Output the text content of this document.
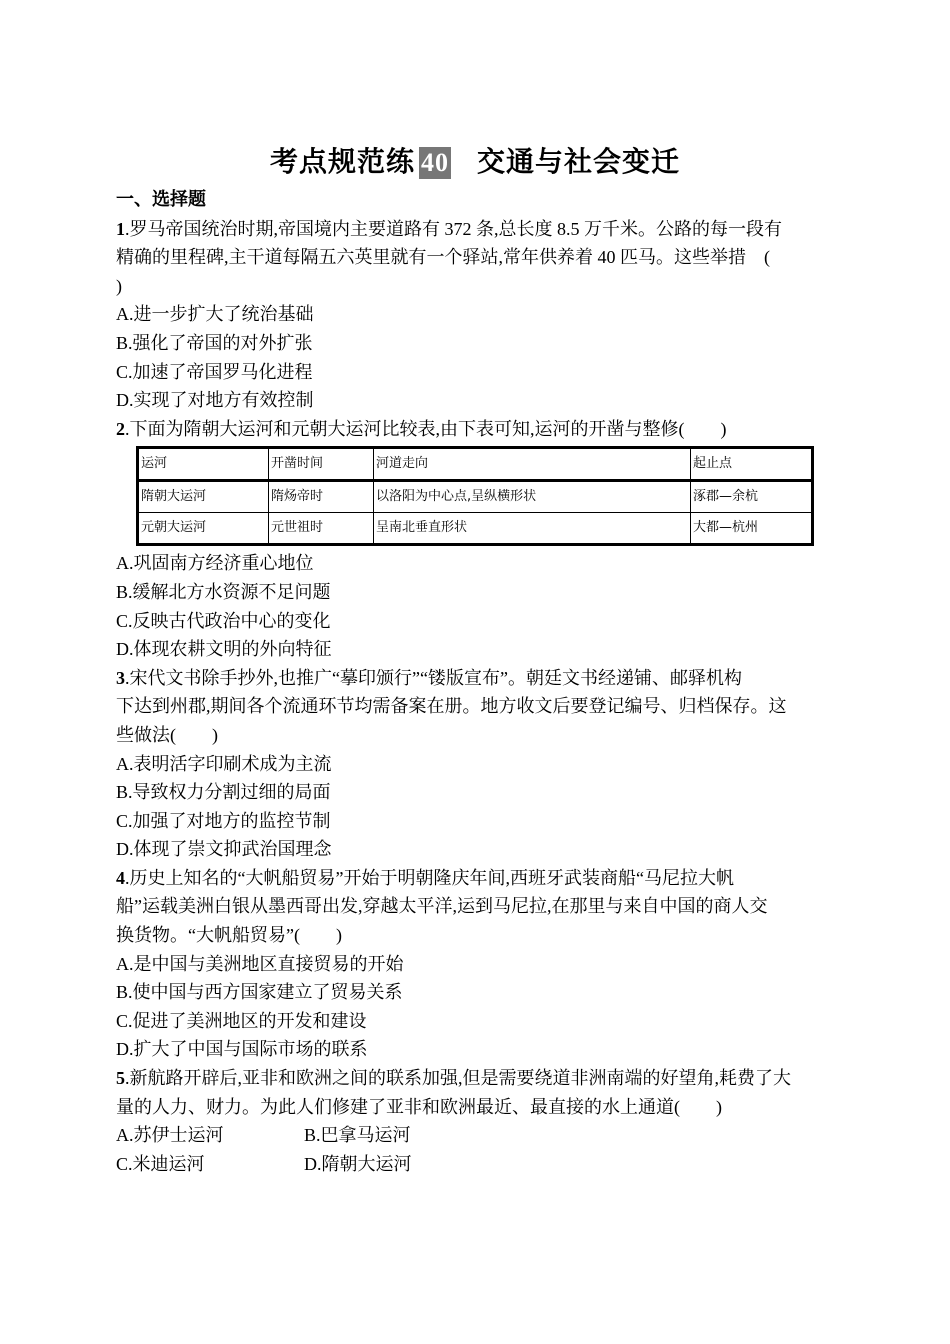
考点规范练 40 交通与社会变迁
一、选择题
1.罗马帝国统治时期,帝国境内主要道路有 372 条,总长度 8.5 万千米。公路的每一段有
精确的里程碑,主干道每隔五六英里就有一个驿站,常年供养着 40 匹马。这些举措　(
)
A.进一步扩大了统治基础
B.强化了帝国的对外扩张
C.加速了帝国罗马化进程
D.实现了对地方有效控制
2.下面为隋朝大运河和元朝大运河比较表,由下表可知,运河的开凿与整修(　　)
运河	开凿时间	河道走向	起止点
隋朝大运河	隋炀帝时	以洛阳为中心点,呈纵横形状	涿郡—余杭
元朝大运河	元世祖时	呈南北垂直形状	大都—杭州
A.巩固南方经济重心地位
B.缓解北方水资源不足问题
C.反映古代政治中心的变化
D.体现农耕文明的外向特征
3.宋代文书除手抄外,也推广“摹印颁行”“镂版宣布”。朝廷文书经递铺、邮驿机构
下达到州郡,期间各个流通环节均需备案在册。地方收文后要登记编号、归档保存。这
些做法(　　)
A.表明活字印刷术成为主流
B.导致权力分割过细的局面
C.加强了对地方的监控节制
D.体现了崇文抑武治国理念
4.历史上知名的“大帆船贸易”开始于明朝隆庆年间,西班牙武装商船“马尼拉大帆
船”运载美洲白银从墨西哥出发,穿越太平洋,运到马尼拉,在那里与来自中国的商人交
换货物。“大帆船贸易”(　　)
A.是中国与美洲地区直接贸易的开始
B.使中国与西方国家建立了贸易关系
C.促进了美洲地区的开发和建设
D.扩大了中国与国际市场的联系
5.新航路开辟后,亚非和欧洲之间的联系加强,但是需要绕道非洲南端的好望角,耗费了大
量的人力、财力。为此人们修建了亚非和欧洲最近、最直接的水上通道(　　)
A.苏伊士运河	B.巴拿马运河
C.米迪运河	D.隋朝大运河
